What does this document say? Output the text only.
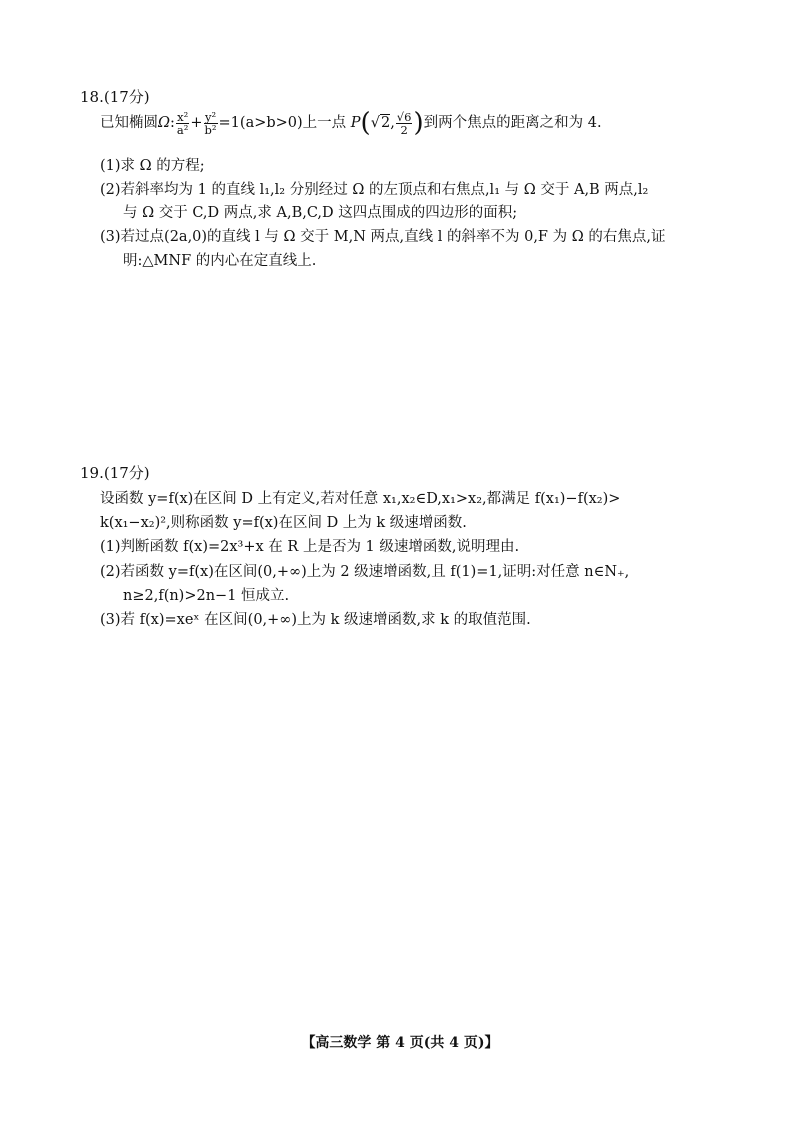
18.(17分)
已知椭圆Ω: $\frac{\text{x²}}{\text{a²}} + \frac{\text{y²}}{\text{b²}} =1(a>b>0)$上一点 P(√2, $\frac{√6}{2}$ )到两个焦点的距离之和为 4.
(1)求 Ω 的方程;
(2)若斜率均为 1 的直线 l₁,l₂ 分别经过 Ω 的左顶点和右焦点,l₁ 与 Ω 交于 A,B 两点,l₂
与 Ω 交于 C,D 两点,求 A,B,C,D 这四点围成的四边形的面积;
(3)若过点(2a,0)的直线 l 与 Ω 交于 M,N 两点,直线 l 的斜率不为 0,F 为 Ω 的右焦点,证
明:△MNF 的内心在定直线上.
19.(17分)
设函数 y=f(x)在区间 D 上有定义,若对任意 x₁,x₂∈D,x₁>x₂,都满足 f(x₁)−f(x₂)>
k(x₁−x₂)²,则称函数 y=f(x)在区间 D 上为 k 级速增函数.
(1)判断函数 f(x)=2x³+x 在 R 上是否为 1 级速增函数,说明理由.
(2)若函数 y=f(x)在区间(0,+∞)上为 2 级速增函数,且 f(1)=1,证明:对任意 n∈N₊,
n≥2,f(n)>2n−1 恒成立.
(3)若 f(x)=xeˣ 在区间(0,+∞)上为 k 级速增函数,求 k 的取值范围.
【高三数学 第 4 页(共 4 页)】
